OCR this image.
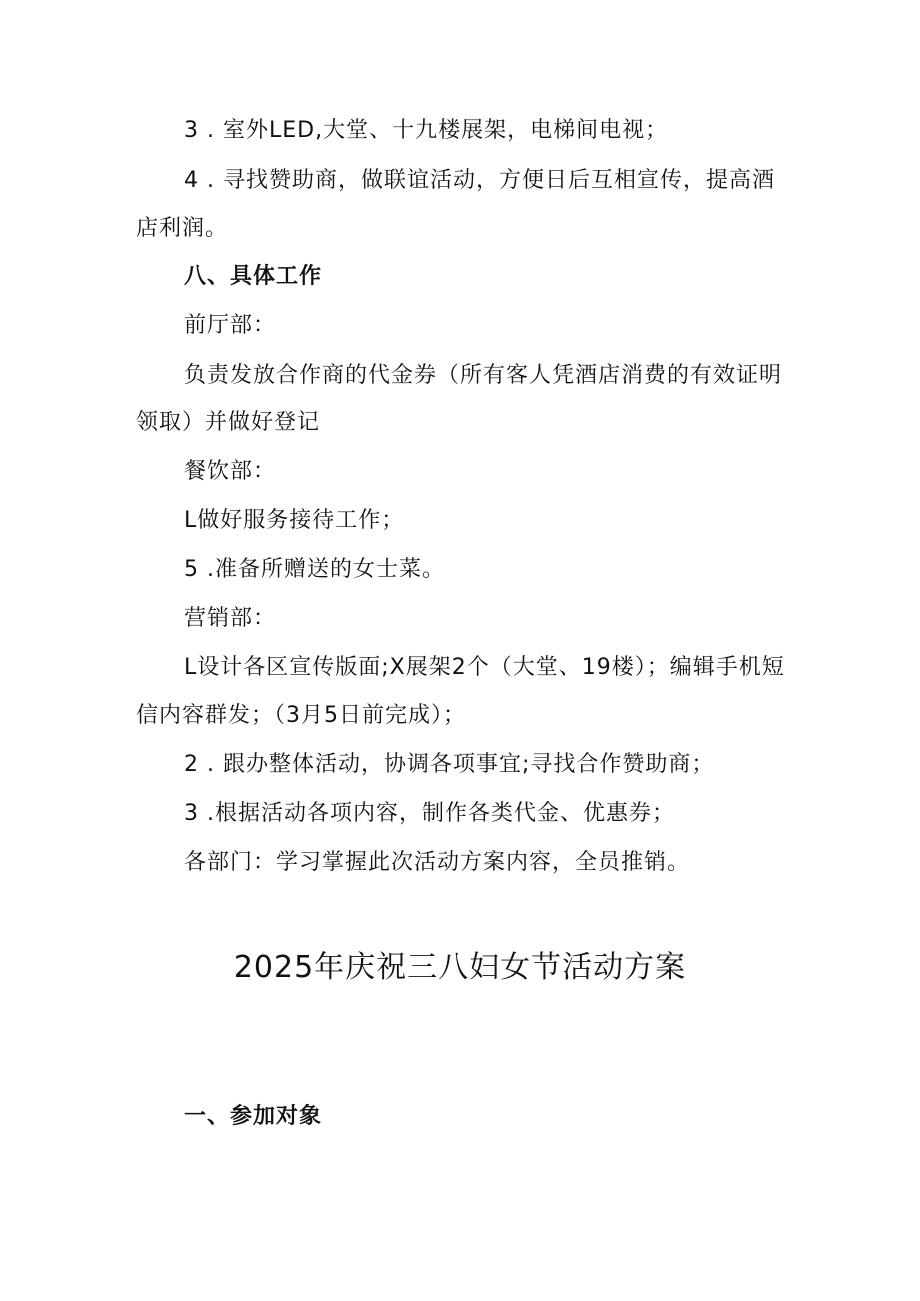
3 . 室外LED,大堂、十九楼展架，电梯间电视；
4 . 寻找赞助商，做联谊活动，方便日后互相宣传，提高酒
店利润。
八、具体工作
前厅部：
负责发放合作商的代金券（所有客人凭酒店消费的有效证明
领取）并做好登记
餐饮部：
L做好服务接待工作；
5 .准备所赠送的女士菜。
营销部：
L设计各区宣传版面;X展架2个（大堂、19楼）；编辑手机短
信内容群发；（3月5日前完成）；
2 . 跟办整体活动，协调各项事宜;寻找合作赞助商；
3 .根据活动各项内容，制作各类代金、优惠券；
各部门：学习掌握此次活动方案内容，全员推销。
2025年庆祝三八妇女节活动方案
一、参加对象
